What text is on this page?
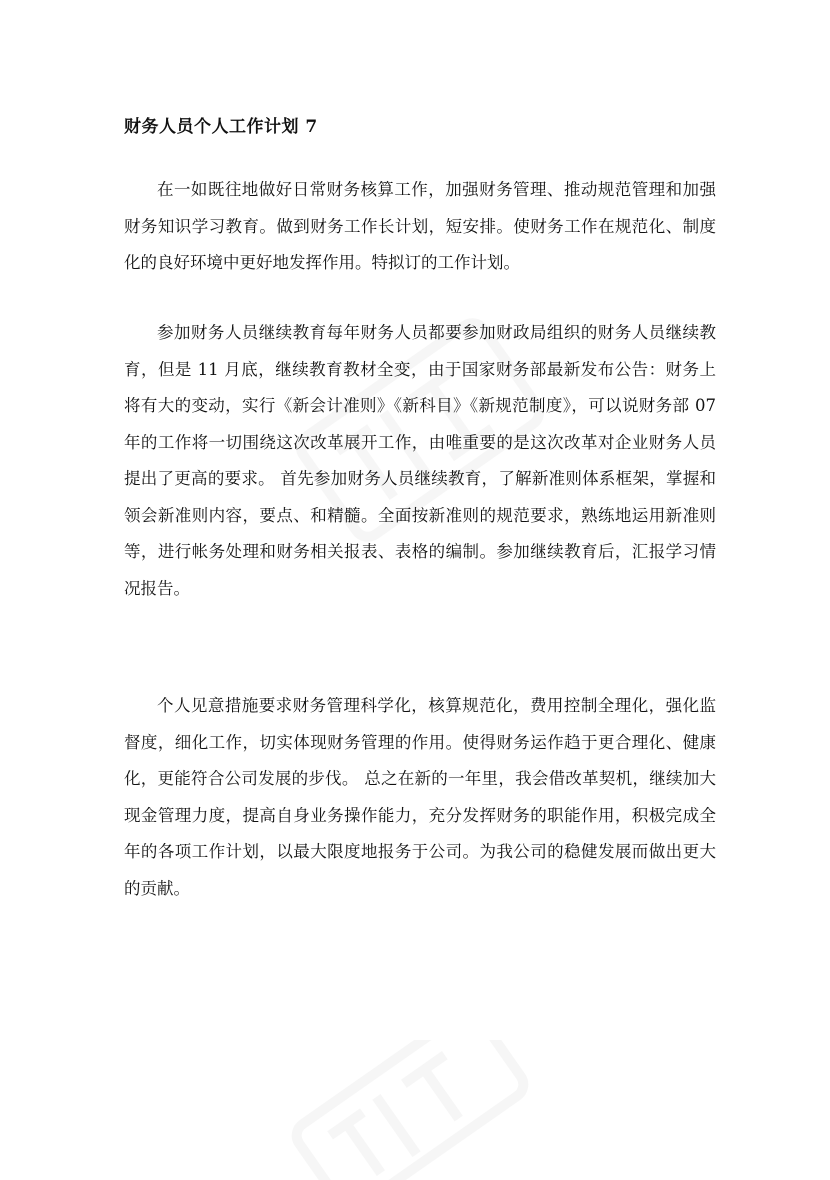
财务人员个人工作计划 7

在一如既往地做好日常财务核算工作，加强财务管理、推动规范管理和加强财务知识学习教育。做到财务工作长计划，短安排。使财务工作在规范化、制度化的良好环境中更好地发挥作用。特拟订的工作计划。

参加财务人员继续教育每年财务人员都要参加财政局组织的财务人员继续教育，但是 11 月底，继续教育教材全变，由于国家财务部最新发布公告：财务上将有大的变动，实行《新会计准则》《新科目》《新规范制度》，可以说财务部 07 年的工作将一切围绕这次改革展开工作，由唯重要的是这次改革对企业财务人员提出了更高的要求。 首先参加财务人员继续教育，了解新准则体系框架，掌握和领会新准则内容，要点、和精髓。全面按新准则的规范要求，熟练地运用新准则等，进行帐务处理和财务相关报表、表格的编制。参加继续教育后，汇报学习情况报告。

个人见意措施要求财务管理科学化，核算规范化，费用控制全理化，强化监督度，细化工作，切实体现财务管理的作用。使得财务运作趋于更合理化、健康化，更能符合公司发展的步伐。 总之在新的一年里，我会借改革契机，继续加大现金管理力度，提高自身业务操作能力，充分发挥财务的职能作用，积极完成全年的各项工作计划，以最大限度地报务于公司。为我公司的稳健发展而做出更大的贡献。
